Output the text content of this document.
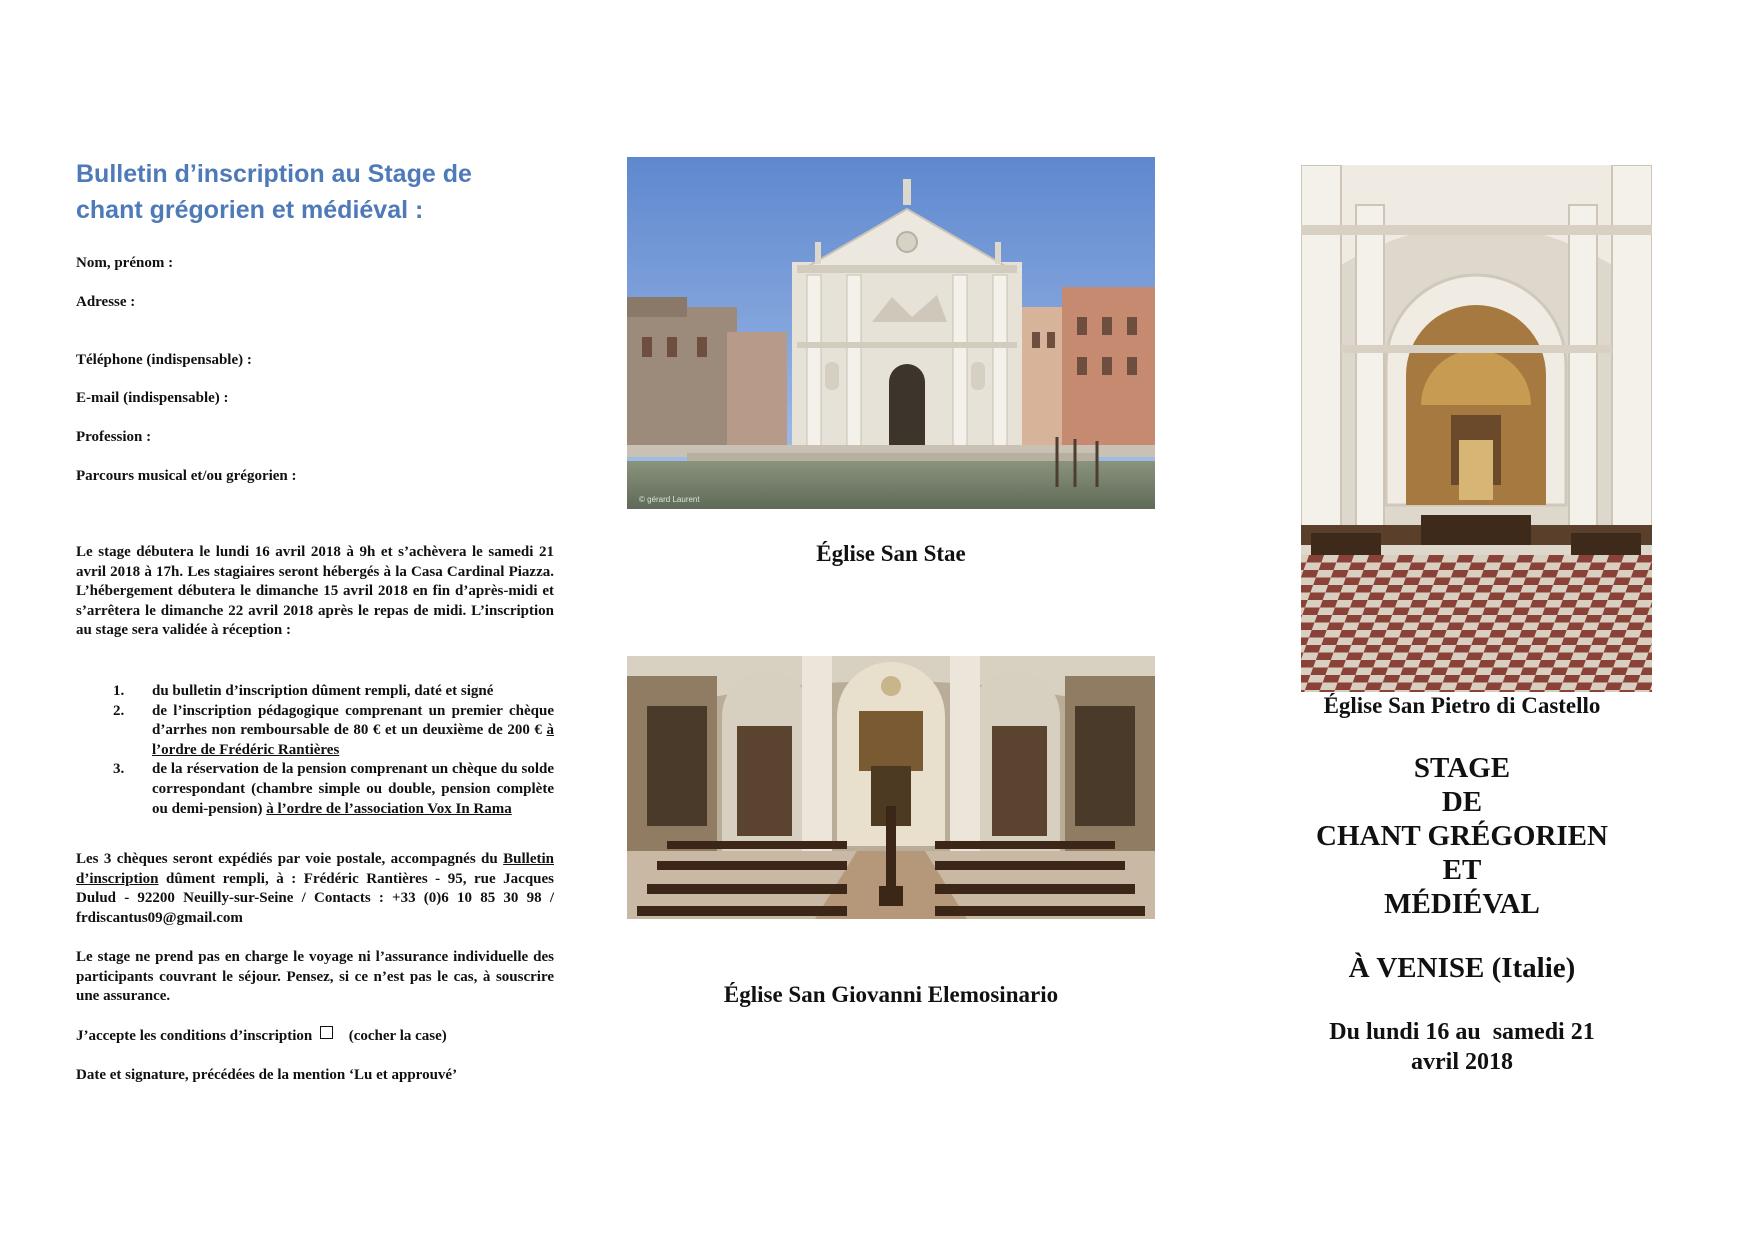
Bulletin d’inscription au Stage de
chant grégorien et médiéval :
Nom, prénom :
Adresse :
Téléphone (indispensable) :
E-mail (indispensable) :
Profession :
Parcours musical et/ou grégorien :
Le stage débutera le lundi 16 avril 2018 à 9h et s’achèvera le samedi 21 avril 2018 à 17h. Les stagiaires seront hébergés à la Casa Cardinal Piazza. L’hébergement débutera le dimanche 15 avril 2018 en fin d’après-midi et s’arrêtera le dimanche 22 avril 2018 après le repas de midi. L’inscription au stage sera validée à réception :
1. du bulletin d’inscription dûment rempli, daté et signé
2. de l’inscription pédagogique comprenant un premier chèque d’arrhes non remboursable de 80 € et un deuxième de 200 € à l’ordre de Frédéric Rantières
3. de la réservation de la pension comprenant un chèque du solde correspondant (chambre simple ou double, pension complète ou demi-pension) à l’ordre de l’association Vox In Rama
Les 3 chèques seront expédiés par voie postale, accompagnés du Bulletin d’inscription dûment rempli, à : Frédéric Rantières - 95, rue Jacques Dulud - 92200 Neuilly-sur-Seine / Contacts : +33 (0)6 10 85 30 98 / frdiscantus09@gmail.com
Le stage ne prend pas en charge le voyage ni l’assurance individuelle des participants couvrant le séjour. Pensez, si ce n’est pas le cas, à souscrire une assurance.
J’accepte les conditions d’inscription (cocher la case)
Date et signature, précédées de la mention ‘Lu et approuvé’
© gérard Laurent
Église San Stae
Église San Giovanni Elemosinario
Église San Pietro di Castello
STAGE
DE
CHANT GRÉGORIEN
ET
MÉDIÉVAL
À VENISE (Italie)
Du lundi 16 au  samedi 21
avril 2018
